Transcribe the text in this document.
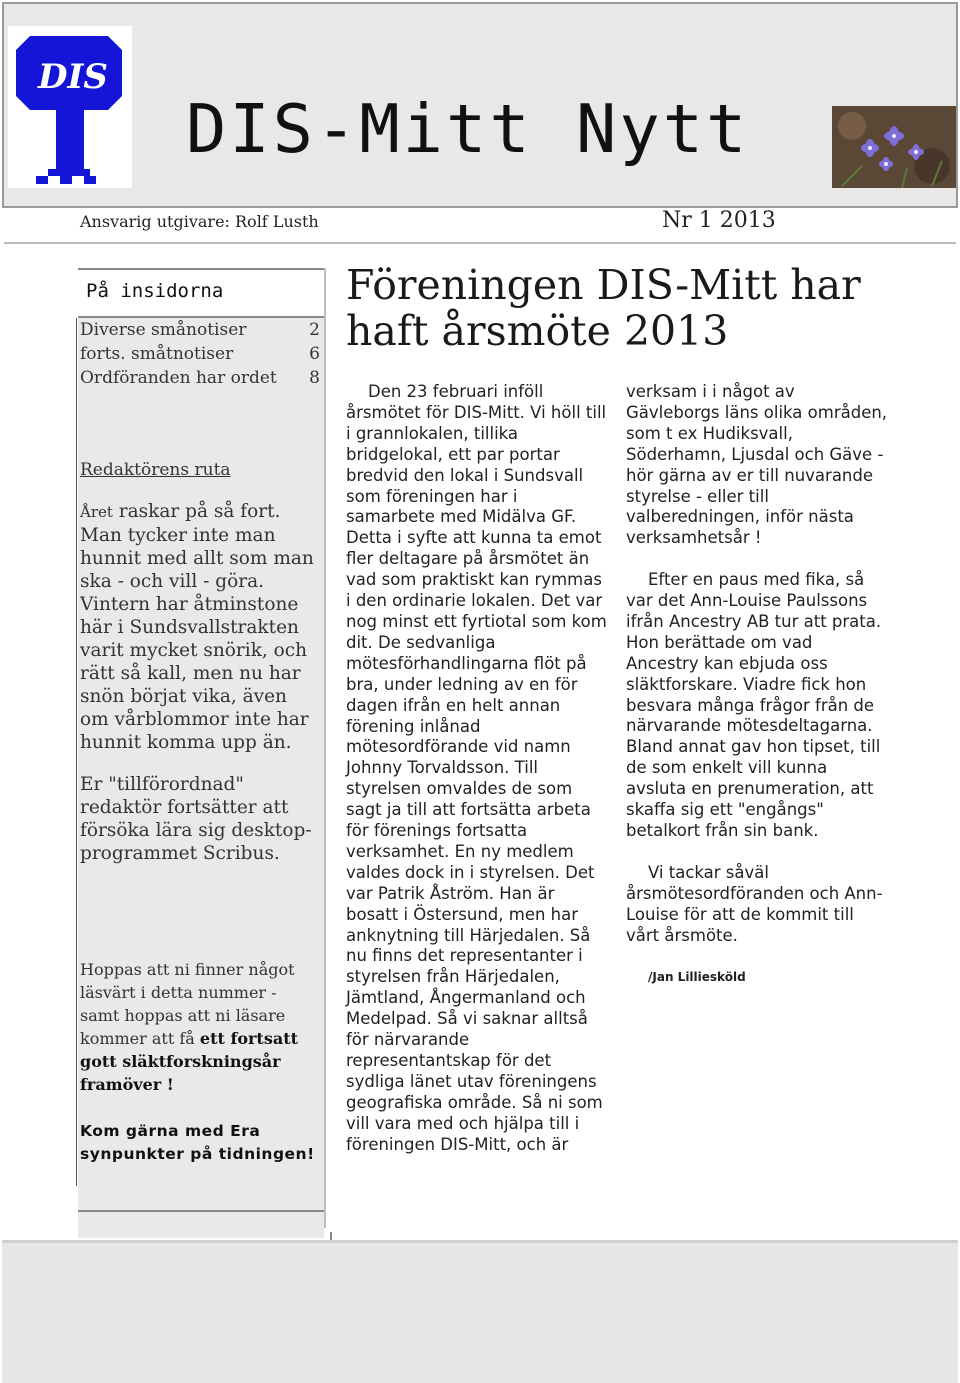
DIS
DIS-Mitt Nytt
Ansvarig utgivare: Rolf Lusth	Nr 1 2013
På insidorna
Diverse smånotiser	2
forts. småtnotiser	6
Ordföranden har ordet 8
Redaktörens ruta

Året raskar på så fort. Man tycker inte man hunnit med allt som man ska - och vill - göra. Vintern har åtminstone här i Sundsvallstrakten varit mycket snörik, och rätt så kall, men nu har snön börjat vika, även om vårblommor inte har hunnit komma upp än.

Er "tillförordnad" redaktör fortsätter att försöka lära sig desktop-programmet Scribus.

Hoppas att ni finner något läsvärt i detta nummer - samt hoppas att ni läsare kommer att få ett fortsatt gott släktforskningsår framöver !
Kom gärna med Era synpunkter på tidningen!
Föreningen DIS-Mitt har haft årsmöte 2013

Den 23 februari inföll årsmötet för DIS-Mitt. Vi höll till i grannlokalen, tillika bridgelokal, ett par portar bredvid den lokal i Sundsvall som föreningen har i samarbete med Midälva GF. Detta i syfte att kunna ta emot fler deltagare på årsmötet än vad som praktiskt kan rymmas i den ordinarie lokalen. Det var nog minst ett fyrtiotal som kom dit. De sedvanliga mötesförhandlingarna flöt på bra, under ledning av en för dagen ifrån en helt annan förening inlånad mötesordförande vid namn Johnny Torvaldsson. Till styrelsen omvaldes de som sagt ja till att fortsätta arbeta för förenings fortsatta verksamhet. En ny medlem valdes dock in i styrelsen. Det var Patrik Åström. Han är bosatt i Östersund, men har anknytning till Härjedalen. Så nu finns det representanter i styrelsen från Härjedalen, Jämtland, Ångermanland och Medelpad. Så vi saknar alltså för närvarande representantskap för det sydliga länet utav föreningens geografiska område. Så ni som vill vara med och hjälpa till i föreningen DIS-Mitt, och är

verksam i i något av Gävleborgs läns olika områden, som t ex Hudiksvall, Söderhamn, Ljusdal och Gäve - hör gärna av er till nuvarande styrelse - eller till valberedningen, inför nästa verksamhetsår !

Efter en paus med fika, så var det Ann-Louise Paulssons ifrån Ancestry AB tur att prata. Hon berättade om vad Ancestry kan ebjuda oss släktforskare. Viadre fick hon besvara många frågor från de närvarande mötesdeltagarna. Bland annat gav hon tipset, till de som enkelt vill kunna avsluta en prenumeration, att skaffa sig ett "engångs" betalkort från sin bank.

Vi tackar såväl årsmötesordföranden och Ann-Louise för att de kommit till vårt årsmöte.

/Jan Lilliesköld
